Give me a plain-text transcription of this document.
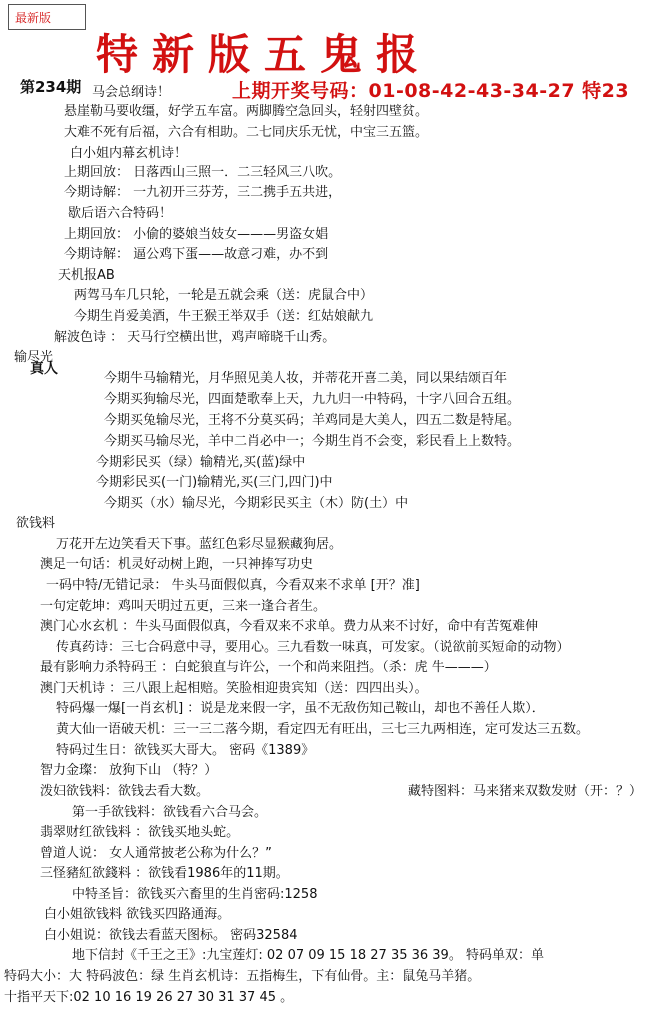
最新版
特新版五鬼报
第234期	上期开奖号码：01-08-42-43-34-27 特23
马会总纲诗！
悬崖勒马要收缰，好学五车富。两脚腾空急回头，轻射四壁贫。
大难不死有后福，六合有相助。二七同庆乐无忧，中宝三五篮。
白小姐内幕玄机诗！
上期回放： 日落西山三照一．二三轻风三八吹。
今期诗解： 一九初开三芬芳，三二携手五共进，
歇后语六合特码！
上期回放： 小偷的婆娘当妓女———男盗女娼
今期诗解： 逼公鸡下蛋——故意刁难，办不到
天机报AB
两驾马车几只轮，一轮是五就会乘（送：虎鼠合中）
今期生肖爱美酒，牛王猴王举双手（送：红姑娘献九
解波色诗 ： 天马行空横出世，鸡声啼晓千山秀。
输尽光
真人
今期牛马输精光，月华照见美人妆，并蒂花开喜二美，同以果结颂百年
今期买狗输尽光，四面楚歌奉上天，九九归一中特码，十字八回合五组。
今期买兔输尽光，王将不分莫买码；羊鸡同是大美人，四五二数是特尾。
今期买马输尽光，羊中二肖必中一；今期生肖不会变，彩民看上上数特。
今期彩民买（绿）输精光,买(蓝)绿中
今期彩民买(一门)输精光,买(三门,四门)中
今期买（水）输尽光，今期彩民买主（木）防(土）中
欲钱料
万花开左边笑看天下事。蓝红色彩尽显猴藏狗居。
澳足一句话：机灵好动树上跑，一只神捧写功史
一码中特/无错记录： 牛头马面假似真，今看双来不求单 [开？准]
一句定乾坤：鸡叫天明过五更，三来一逢合者生。
澳门心水玄机 ：牛头马面假似真，今看双来不求单。费力从来不讨好，命中有苦冤难伸
传真药诗：三七合码意中寻，要用心。三九看数一味真，可发家。（说欲前买短命的动物）
最有影响力杀特码王 ：白蛇狼直与许公，一个和尚来阻挡。（杀：虎 牛———）
澳门天机诗 ：三八跟上起相赔。笑脸相迎贵宾知（送：四四出头）。
特码爆一爆[一肖玄机] ：说是龙来假一字，虽不无敌伤知己鞍山，却也不善任人欺）．
黄大仙一语破天机：三一三二落今期，看定四无有旺出，三七三九两相连，定可发达三五数。
特码过生日：欲钱买大哥大。 密码《1389》
智力金璨： 放狗下山 （特？）
泼妇欲钱料：欲钱去看大数。	藏特图料：马来猪来双数发财（开：？）
第一手欲钱料：欲钱看六合马会。
翡翠财红欲钱料 ：欲钱买地头蛇。
曾道人说： 女人通常披老公称为什么？”
三怪豬紅欲錢料 ：欲钱看1986年的11期。
中特圣旨：欲钱买六畜里的生肖密码:1258
白小姐欲钱料 欲钱买四路通海。
白小姐说：欲钱去看蓝天图标。 密码32584
地下信封《千王之王》:九宝莲灯: 02 07 09 15 18 27 35 36 39。 特码单双：单
特码大小：大 特码波色：绿 生肖玄机诗：五指梅生，下有仙骨。主：鼠兔马羊猪。
十指平天下:02 10 16 19 26 27 30 31 37 45 。
